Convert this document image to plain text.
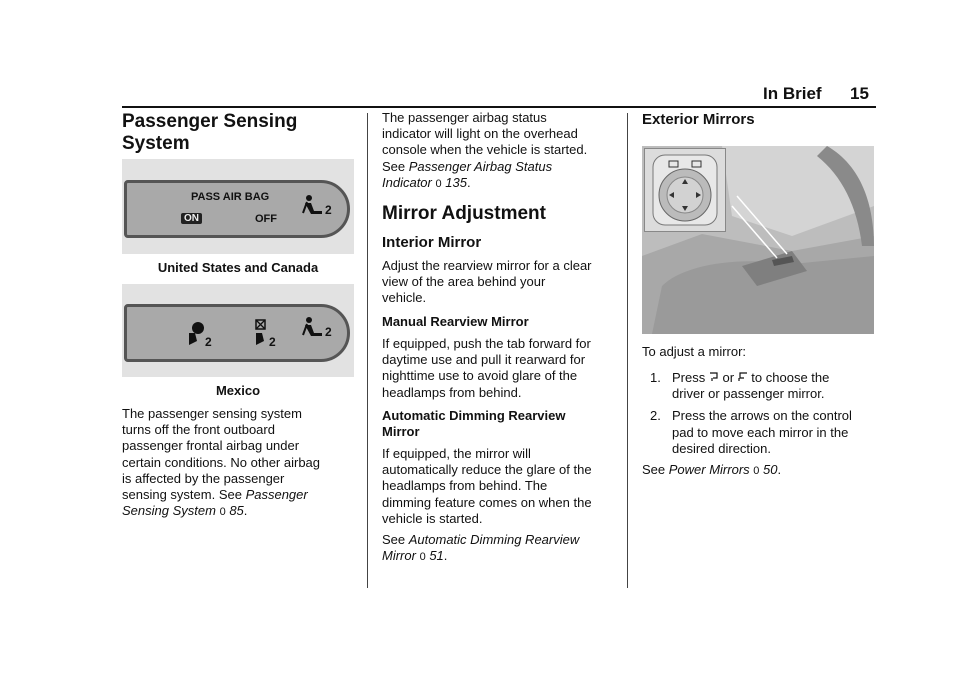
In Brief 15
Passenger Sensing
System
PASS AIR BAG
ON	OFF
2
United States and Canada
2	2
2
Mexico
The passenger sensing system
turns off the front outboard
passenger frontal airbag under
certain conditions. No other airbag
is affected by the passenger
sensing system. See Passenger
Sensing System 0 85.
The passenger airbag status
indicator will light on the overhead
console when the vehicle is started.
See Passenger Airbag Status
Indicator 0 135.
Mirror Adjustment
Interior Mirror
Adjust the rearview mirror for a clear
view of the area behind your
vehicle.
Manual Rearview Mirror
If equipped, push the tab forward for
daytime use and pull it rearward for
nighttime use to avoid glare of the
headlamps from behind.
Automatic Dimming Rearview
Mirror
If equipped, the mirror will
automatically reduce the glare of the
headlamps from behind. The
dimming feature comes on when the
vehicle is started.
See Automatic Dimming Rearview
Mirror 0 51.
Exterior Mirrors
To adjust a mirror:
1. Press or to choose the
driver or passenger mirror.
2. Press the arrows on the control
pad to move each mirror in the
desired direction.
See Power Mirrors 0 50.
